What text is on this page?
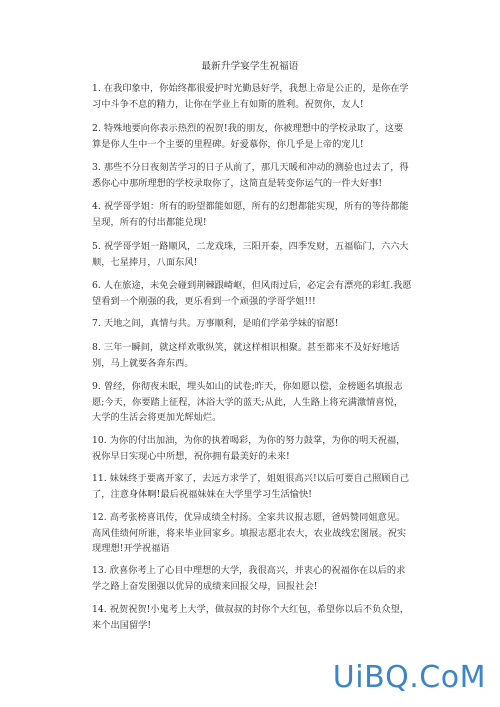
最新升学宴学生祝福语
1. 在我印象中，你始终都很爱护时光勤恳好学，我想上帝是公正的，是你在学习中斗争不息的精力，让你在学业上有如斯的胜利。祝贺你，友人!
2. 特殊地要向你表示热烈的祝贺!我的朋友，你被理想中的学校录取了，这要算是你人生中一个主要的里程碑。好爱慕你，你几乎是上帝的宠儿!
3. 那些不分日夜刻苦学习的日子从前了，那几天暖和冲动的测验也过去了，得悉你心中那所理想的学校录取你了，这简直是转变你运气的一件大好事!
4. 祝学哥学姐：所有的盼望都能如愿，所有的幻想都能实现，所有的等待都能呈现，所有的付出都能兑现!
5. 祝学哥学姐一路顺风，二龙戏珠，三阳开泰，四季发财，五福临门，六六大顺，七星捧月，八面东风!
6. 人在旅途，未免会碰到荆棘跟崎岖，但风雨过后，必定会有漂亮的彩虹.我愿望看到一个刚强的我，更乐看到一个顽强的学哥学姐!!!
7. 天地之间，真情与共。万事顺利，是咱们学弟学妹的宿愿!
8. 三年一瞬间，就这样欢歌纵笑，就这样相识相聚。甚至都来不及好好地话别，马上就要各奔东西。
9. 曾经，你彻夜未眠，埋头如山的试卷;昨天，你如愿以偿，金榜题名填报志愿;今天，你要踏上征程，沐浴大学的蓝天;从此，人生路上将充满激情喜悦，大学的生活会将更加光辉灿烂。
10. 为你的付出加油，为你的执着喝彩，为你的努力鼓掌，为你的明天祝福，祝你早日实现心中所想，祝你拥有最美好的未来!
11. 妹妹终于要离开家了，去远方求学了，姐姐很高兴!以后可要自己照顾自己了，注意身体啊!最后祝福妹妹在大学里学习生活愉快!
12. 高考张榜喜讯传，优异成绩全村扬。全家共议报志愿，爸妈赞同姐意见。高风佳绩何所谁，将来毕业回家乡。填报志愿北农大，农业战线宏图展。祝实现理想!开学祝福语
13. 欣喜你考上了心目中理想的大学，我很高兴，并衷心的祝福你在以后的求学之路上奋发图强以优异的成绩来回报父母，回报社会!
14. 祝贺祝贺!小鬼考上大学，做叔叔的封你个大红包，希望你以后不负众望，来个出国留学!
UiBQ.CoM
